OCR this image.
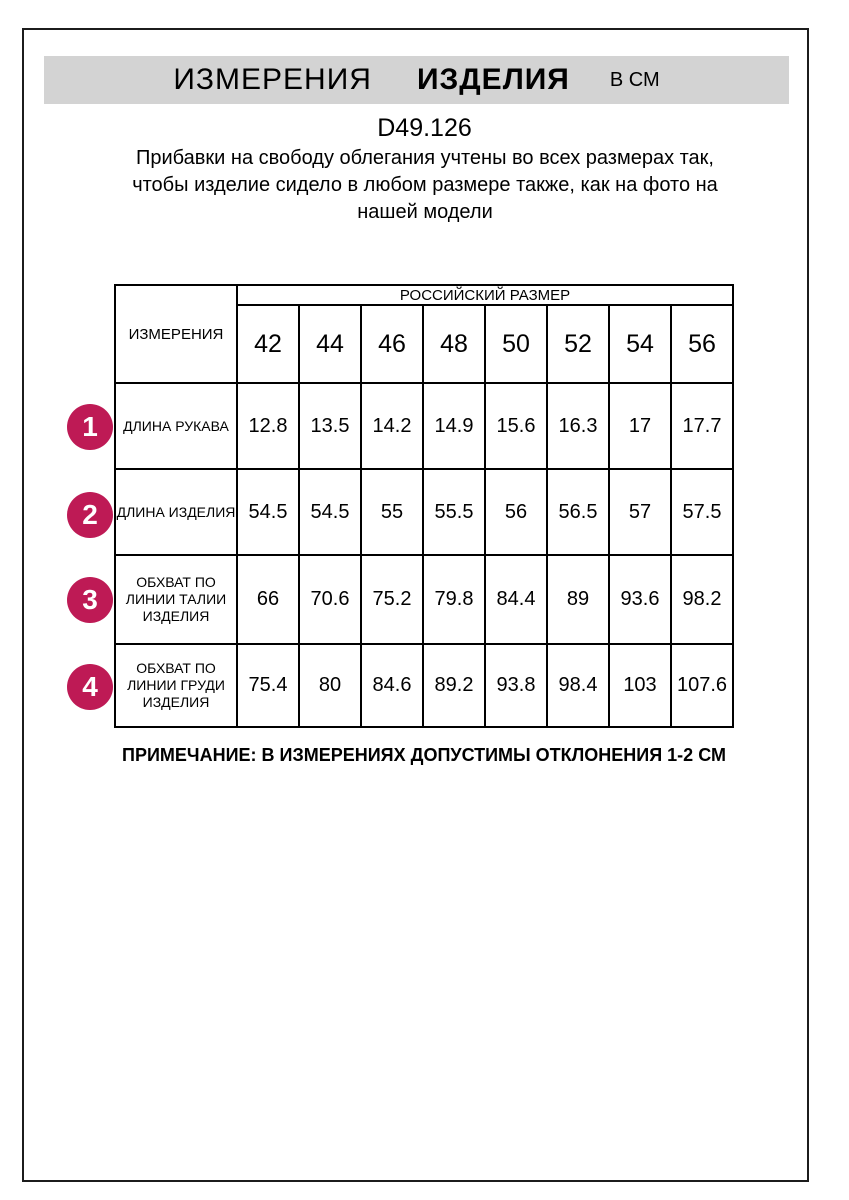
ИЗМЕРЕНИЯ ИЗДЕЛИЯ В СМ
D49.126
Прибавки на свободу облегания учтены во всех размерах так, чтобы изделие сидело в любом размере также, как на фото на нашей модели
ИЗМЕРЕНИЯ	РОССИЙСКИЙ РАЗМЕР							
	42	44	46	48	50	52	54	56
ДЛИНА РУКАВА	12.8	13.5	14.2	14.9	15.6	16.3	17	17.7
ДЛИНА ИЗДЕЛИЯ	54.5	54.5	55	55.5	56	56.5	57	57.5
ОБХВАТ ПО ЛИНИИ ТАЛИИ ИЗДЕЛИЯ	66	70.6	75.2	79.8	84.4	89	93.6	98.2
ОБХВАТ ПО ЛИНИИ ГРУДИ ИЗДЕЛИЯ	75.4	80	84.6	89.2	93.8	98.4	103	107.6
1
2
3
4
ПРИМЕЧАНИЕ: В ИЗМЕРЕНИЯХ ДОПУСТИМЫ ОТКЛОНЕНИЯ 1-2 СМ
